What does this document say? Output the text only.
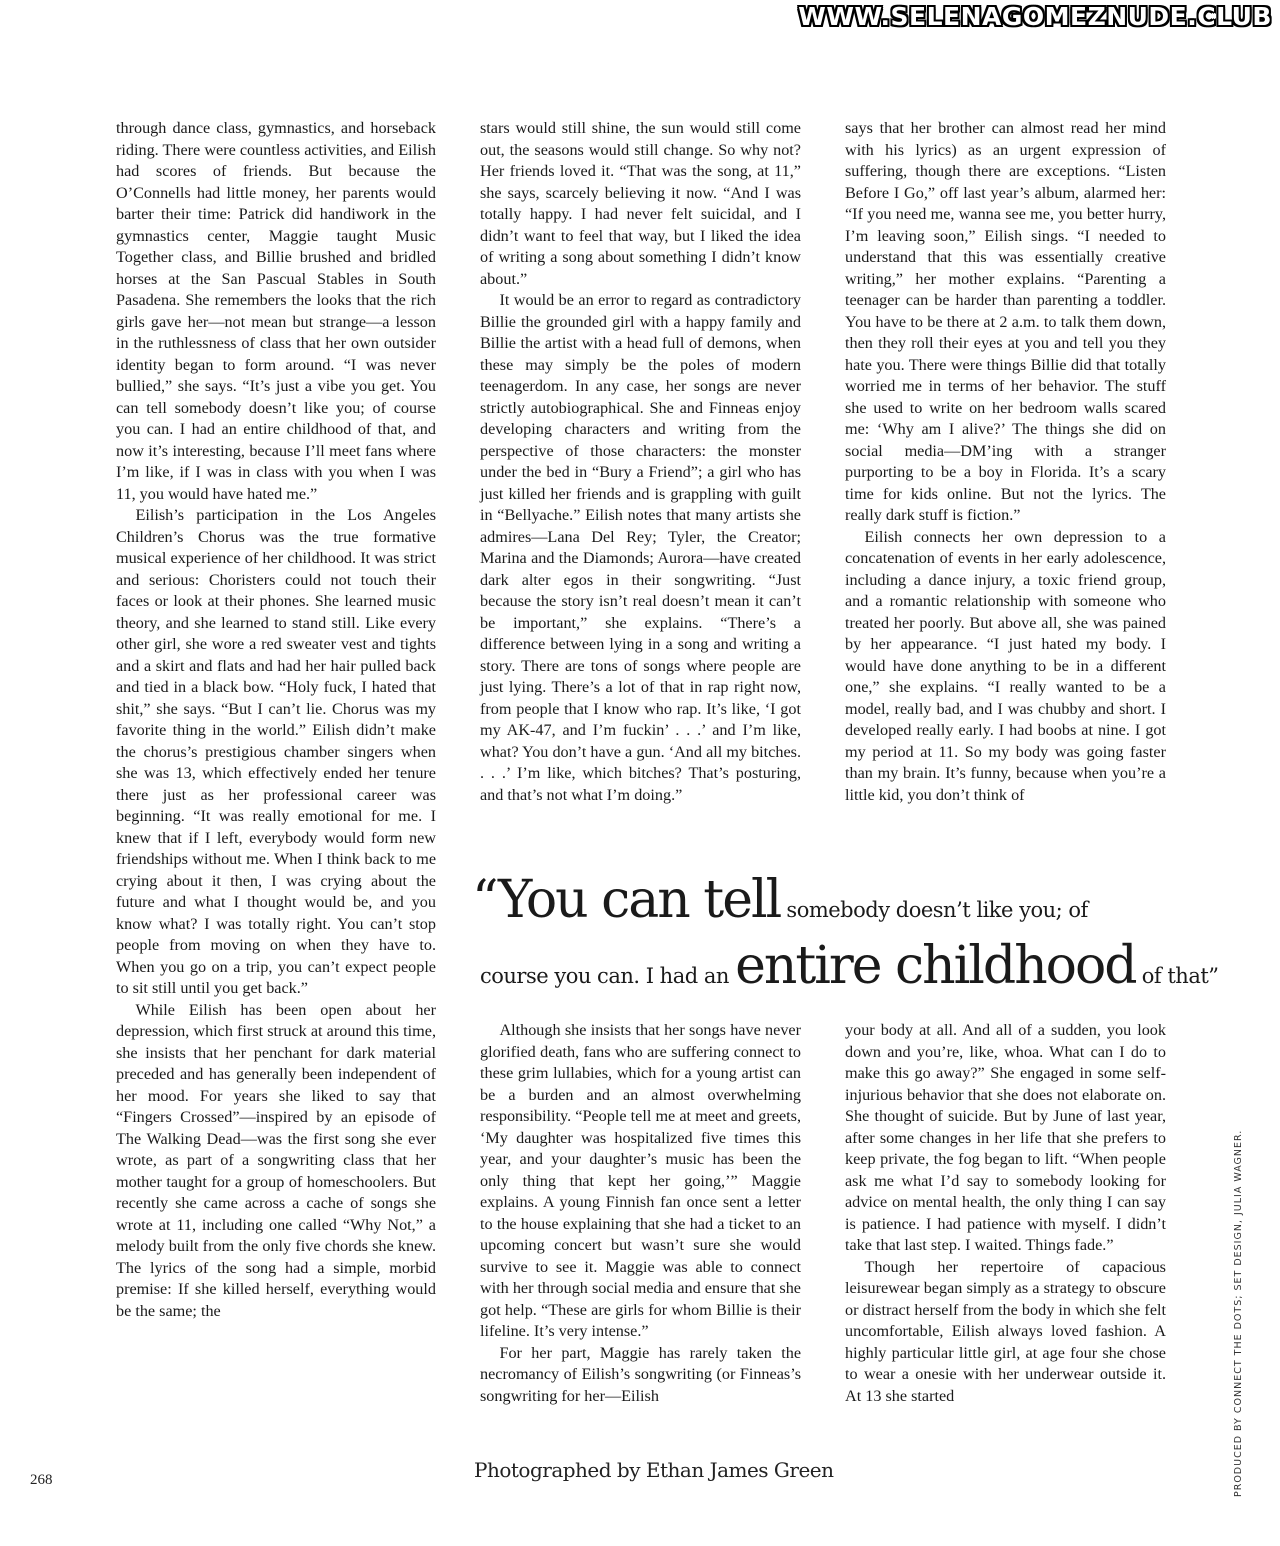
WWW.SELENAGOMEZNUDE.CLUB

through dance class, gymnastics, and horseback riding. There were countless activities, and Eilish had scores of friends. But because the O’Connells had little money, her parents would barter their time: Patrick did handiwork in the gymnastics center, Maggie taught Music Together class, and Billie brushed and bridled horses at the San Pascual Stables in South Pasadena. She remembers the looks that the rich girls gave her—not mean but strange—a lesson in the ruthlessness of class that her own outsider identity began to form around. “I was never bullied,” she says. “It’s just a vibe you get. You can tell somebody doesn’t like you; of course you can. I had an entire childhood of that, and now it’s interesting, because I’ll meet fans where I’m like, if I was in class with you when I was 11, you would have hated me.”

Eilish’s participation in the Los Angeles Children’s Chorus was the true formative musical experience of her childhood. It was strict and serious: Choristers could not touch their faces or look at their phones. She learned music theory, and she learned to stand still. Like every other girl, she wore a red sweater vest and tights and a skirt and flats and had her hair pulled back and tied in a black bow. “Holy fuck, I hated that shit,” she says. “But I can’t lie. Chorus was my favorite thing in the world.” Eilish didn’t make the chorus’s prestigious chamber singers when she was 13, which effectively ended her tenure there just as her professional career was beginning. “It was really emotional for me. I knew that if I left, everybody would form new friendships without me. When I think back to me crying about it then, I was crying about the future and what I thought would be, and you know what? I was totally right. You can’t stop people from moving on when they have to. When you go on a trip, you can’t expect people to sit still until you get back.”

While Eilish has been open about her depression, which first struck at around this time, she insists that her penchant for dark material preceded and has generally been independent of her mood. For years she liked to say that “Fingers Crossed”—inspired by an episode of The Walking Dead—was the first song she ever wrote, as part of a songwriting class that her mother taught for a group of homeschoolers. But recently she came across a cache of songs she wrote at 11, including one called “Why Not,” a melody built from the only five chords she knew. The lyrics of the song had a simple, morbid premise: If she killed herself, everything would be the same; the

stars would still shine, the sun would still come out, the seasons would still change. So why not? Her friends loved it. “That was the song, at 11,” she says, scarcely believing it now. “And I was totally happy. I had never felt suicidal, and I didn’t want to feel that way, but I liked the idea of writing a song about something I didn’t know about.”

It would be an error to regard as contradictory Billie the grounded girl with a happy family and Billie the artist with a head full of demons, when these may simply be the poles of modern teenagerdom. In any case, her songs are never strictly autobiographical. She and Finneas enjoy developing characters and writing from the perspective of those characters: the monster under the bed in “Bury a Friend”; a girl who has just killed her friends and is grappling with guilt in “Bellyache.” Eilish notes that many artists she admires—Lana Del Rey; Tyler, the Creator; Marina and the Diamonds; Aurora—have created dark alter egos in their songwriting. “Just because the story isn’t real doesn’t mean it can’t be important,” she explains. “There’s a difference between lying in a song and writing a story. There are tons of songs where people are just lying. There’s a lot of that in rap right now, from people that I know who rap. It’s like, ‘I got my AK-47, and I’m fuckin’ . . .’ and I’m like, what? You don’t have a gun. ‘And all my bitches. . . .’ I’m like, which bitches? That’s posturing, and that’s not what I’m doing.”

says that her brother can almost read her mind with his lyrics) as an urgent expression of suffering, though there are exceptions. “Listen Before I Go,” off last year’s album, alarmed her: “If you need me, wanna see me, you better hurry, I’m leaving soon,” Eilish sings. “I needed to understand that this was essentially creative writing,” her mother explains. “Parenting a teenager can be harder than parenting a toddler. You have to be there at 2 a.m. to talk them down, then they roll their eyes at you and tell you they hate you. There were things Billie did that totally worried me in terms of her behavior. The stuff she used to write on her bedroom walls scared me: ‘Why am I alive?’ The things she did on social media—DM’ing with a stranger purporting to be a boy in Florida. It’s a scary time for kids online. But not the lyrics. The really dark stuff is fiction.”

Eilish connects her own depression to a concatenation of events in her early adolescence, including a dance injury, a toxic friend group, and a romantic relationship with someone who treated her poorly. But above all, she was pained by her appearance. “I just hated my body. I would have done anything to be in a different one,” she explains. “I really wanted to be a model, really bad, and I was chubby and short. I developed really early. I had boobs at nine. I got my period at 11. So my body was going faster than my brain. It’s funny, because when you’re a little kid, you don’t think of

“You can tell somebody doesn’t like you; of
course you can. I had an entire childhood of that”

Although she insists that her songs have never glorified death, fans who are suffering connect to these grim lullabies, which for a young artist can be a burden and an almost overwhelming responsibility. “People tell me at meet and greets, ‘My daughter was hospitalized five times this year, and your daughter’s music has been the only thing that kept her going,’” Maggie explains. A young Finnish fan once sent a letter to the house explaining that she had a ticket to an upcoming concert but wasn’t sure she would survive to see it. Maggie was able to connect with her through social media and ensure that she got help. “These are girls for whom Billie is their lifeline. It’s very intense.”

For her part, Maggie has rarely taken the necromancy of Eilish’s songwriting (or Finneas’s songwriting for her—Eilish

your body at all. And all of a sudden, you look down and you’re, like, whoa. What can I do to make this go away?” She engaged in some self-injurious behavior that she does not elaborate on. She thought of suicide. But by June of last year, after some changes in her life that she prefers to keep private, the fog began to lift. “When people ask me what I’d say to somebody looking for advice on mental health, the only thing I can say is patience. I had patience with myself. I didn’t take that last step. I waited. Things fade.”

Though her repertoire of capacious leisurewear began simply as a strategy to obscure or distract herself from the body in which she felt uncomfortable, Eilish always loved fashion. A highly particular little girl, at age four she chose to wear a onesie with her underwear outside it. At 13 she started	PRODUCED BY CONNECT THE DOTS; SET DESIGN, JULIA WAGNER.
Photographed by Ethan James Green
268
